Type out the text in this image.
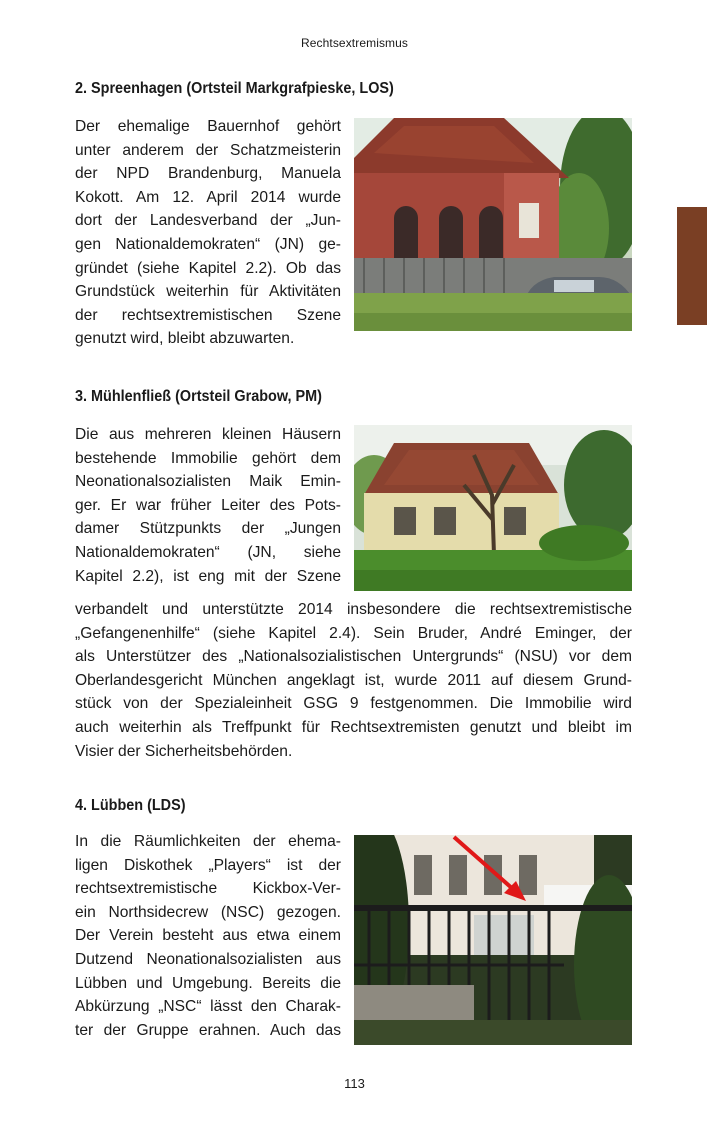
Rechtsextremismus
2. Spreenhagen (Ortsteil Markgrafpieske, LOS)
Der ehemalige Bauernhof gehört
unter anderem der Schatzmeisterin
der NPD Brandenburg, Manuela
Kokott. Am 12. April 2014 wurde
dort der Landesverband der „Jun-
gen Nationaldemokraten“ (JN) ge-
gründet (siehe Kapitel 2.2). Ob das
Grundstück weiterhin für Aktivitäten
der rechtsextremistischen Szene
genutzt wird, bleibt abzuwarten.
3. Mühlenfließ (Ortsteil Grabow, PM)
Die aus mehreren kleinen Häusern
bestehende Immobilie gehört dem
Neonationalsozialisten Maik Emin-
ger. Er war früher Leiter des Pots-
damer Stützpunkts der „Jungen
Nationaldemokraten“ (JN, siehe
Kapitel 2.2), ist eng mit der Szene
verbandelt und unterstützte 2014 insbesondere die rechtsextremistische
„Gefangenenhilfe“ (siehe Kapitel 2.4). Sein Bruder, André Eminger, der
als Unterstützer des „Nationalsozialistischen Untergrunds“ (NSU) vor dem
Oberlandesgericht München angeklagt ist, wurde 2011 auf diesem Grund-
stück von der Spezialeinheit GSG 9 festgenommen. Die Immobilie wird
auch weiterhin als Treffpunkt für Rechtsextremisten genutzt und bleibt im
Visier der Sicherheitsbehörden.
4. Lübben (LDS)
In die Räumlichkeiten der ehema-
ligen Diskothek „Players“ ist der
rechtsextremistische Kickbox-Ver-
ein Northsidecrew (NSC) gezogen.
Der Verein besteht aus etwa einem
Dutzend Neonationalsozialisten aus
Lübben und Umgebung. Bereits die
Abkürzung „NSC“ lässt den Charak-
ter der Gruppe erahnen. Auch das
113
